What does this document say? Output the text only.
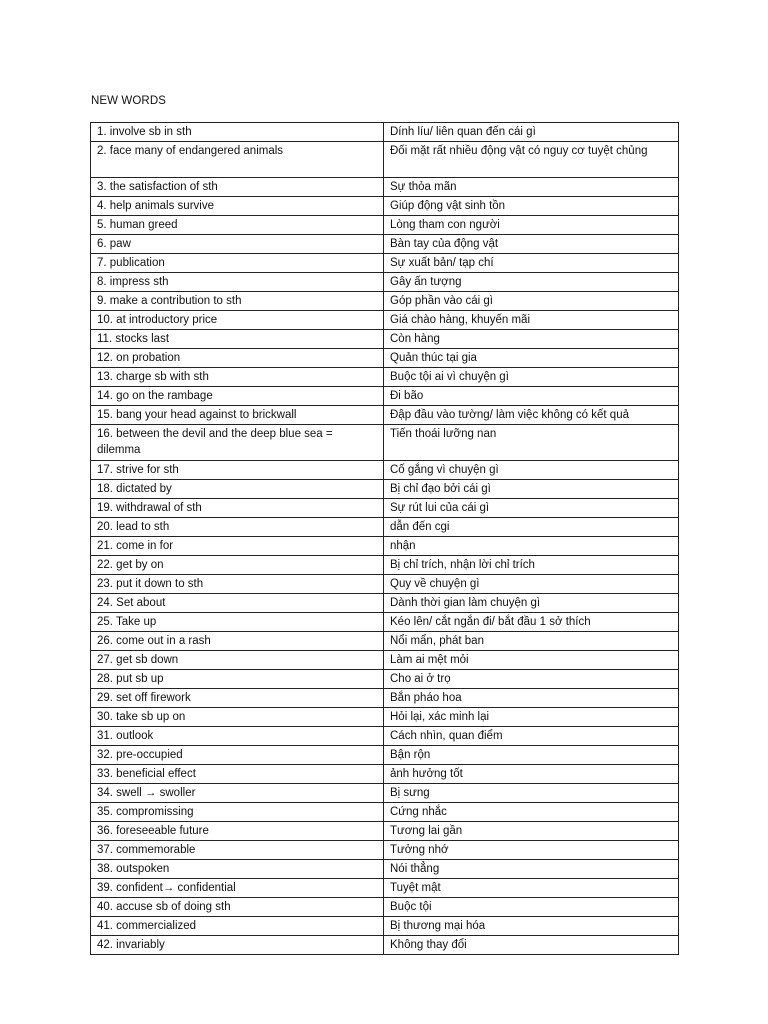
NEW WORDS
1. involve sb in sth	Dính líu/ liên quan đến cái gì
2. face many of endangered animals	Đối mặt rất nhiều động vật có nguy cơ tuyệt chủng
3. the satisfaction of sth	Sự thỏa mãn
4. help animals survive	Giúp động vật sinh tồn
5. human greed	Lòng tham con người
6. paw	Bàn tay của động vật
7. publication	Sự xuất bản/ tạp chí
8. impress sth	Gây ấn tượng
9. make a contribution to sth	Góp phần vào cái gì
10. at introductory price	Giá chào hàng, khuyến mãi
11. stocks last	Còn hàng
12. on probation	Quản thúc tại gia
13. charge sb with sth	Buộc tội ai vì chuyện gì
14. go on the rambage	Đi bão
15. bang your head against to brickwall	Đập đầu vào tường/ làm việc không có kết quả
16. between the devil and the deep blue sea = dilemma	Tiến thoái lưỡng nan
17. strive for sth	Cố gắng vì chuyện gì
18. dictated by	Bị chỉ đạo bởi cái gì
19. withdrawal of sth	Sự rút lui của cái gì
20. lead to sth	dẫn đến cgi
21. come in for	nhận
22. get by on	Bị chỉ trích, nhận lời chỉ trích
23. put it down to sth	Quy về chuyện gì
24. Set about	Dành thời gian làm chuyện gì
25. Take up	Kéo lên/ cắt ngắn đi/ bắt đầu 1 sở thích
26. come out in a rash	Nổi mẩn, phát ban
27. get sb down	Làm ai mệt mỏi
28. put sb up	Cho ai ở trọ
29. set off firework	Bắn pháo hoa
30. take sb up on	Hỏi lại, xác minh lại
31. outlook	Cách nhìn, quan điểm
32. pre-occupied	Bận rộn
33. beneficial effect	ảnh hưởng tốt
34. swell → swoller	Bị sưng
35. compromissing	Cứng nhắc
36. foreseeable future	Tương lai gần
37. commemorable	Tưởng nhớ
38. outspoken	Nói thẳng
39. confident→ confidential	Tuyệt mật
40. accuse sb of doing sth	Buộc tội
41. commercialized	Bị thương mại hóa
42. invariably	Không thay đổi
